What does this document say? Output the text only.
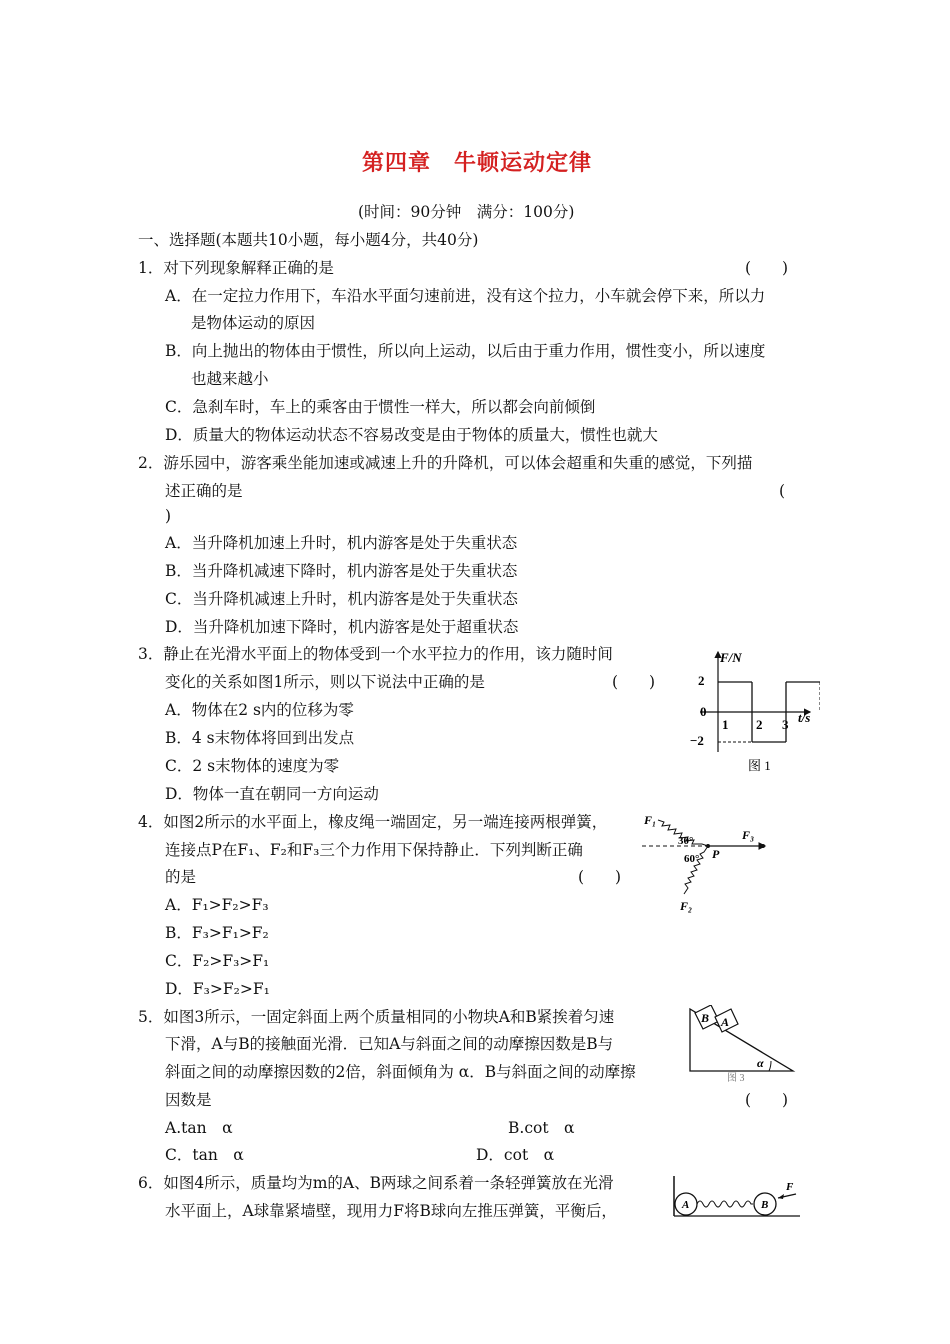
第四章　牛顿运动定律
(时间：90分钟　满分：100分)
一、选择题(本题共10小题，每小题4分，共40分)
1．对下列现象解释正确的是	(　　)
A．在一定拉力作用下，车沿水平面匀速前进，没有这个拉力，小车就会停下来，所以力
是物体运动的原因
B．向上抛出的物体由于惯性，所以向上运动，以后由于重力作用，惯性变小，所以速度
也越来越小
C．急刹车时，车上的乘客由于惯性一样大，所以都会向前倾倒
D．质量大的物体运动状态不容易改变是由于物体的质量大，惯性也就大
2．游乐园中，游客乘坐能加速或减速上升的升降机，可以体会超重和失重的感觉，下列描
述正确的是	(
)
A．当升降机加速上升时，机内游客是处于失重状态
B．当升降机减速下降时，机内游客是处于失重状态
C．当升降机减速上升时，机内游客是处于失重状态
D．当升降机加速下降时，机内游客是处于超重状态
3．静止在光滑水平面上的物体受到一个水平拉力的作用，该力随时间
变化的关系如图1所示，则以下说法中正确的是	(　　)
A．物体在2 s内的位移为零
B．4 s末物体将回到出发点
C．2 s末物体的速度为零
D．物体一直在朝同一方向运动
F/N
t/s
2
0
−2
1 2 3
图 1
4．如图2所示的水平面上，橡皮绳一端固定，另一端连接两根弹簧，
连接点P在F₁、F₂和F₃三个力作用下保持静止．下列判断正确
的是	(　　)
A．F₁>F₂>F₃
B．F₃>F₁>F₂
C．F₂>F₃>F₁
D．F₃>F₂>F₁
F₁
F₃
F₂
P
30°
60°
5．如图3所示，一固定斜面上两个质量相同的小物块A和B紧挨着匀速
下滑，A与B的接触面光滑．已知A与斜面之间的动摩擦因数是B与
斜面之间的动摩擦因数的2倍，斜面倾角为 α．B与斜面之间的动摩擦
因数是	(　　)
A.tan　α	B.cot　α
C．tan　α	D．cot　α
B A
α
图 3
6．如图4所示，质量均为m的A、B两球之间系着一条轻弹簧放在光滑
水平面上，A球靠紧墙壁，现用力F将B球向左推压弹簧，平衡后，	A	B
F
